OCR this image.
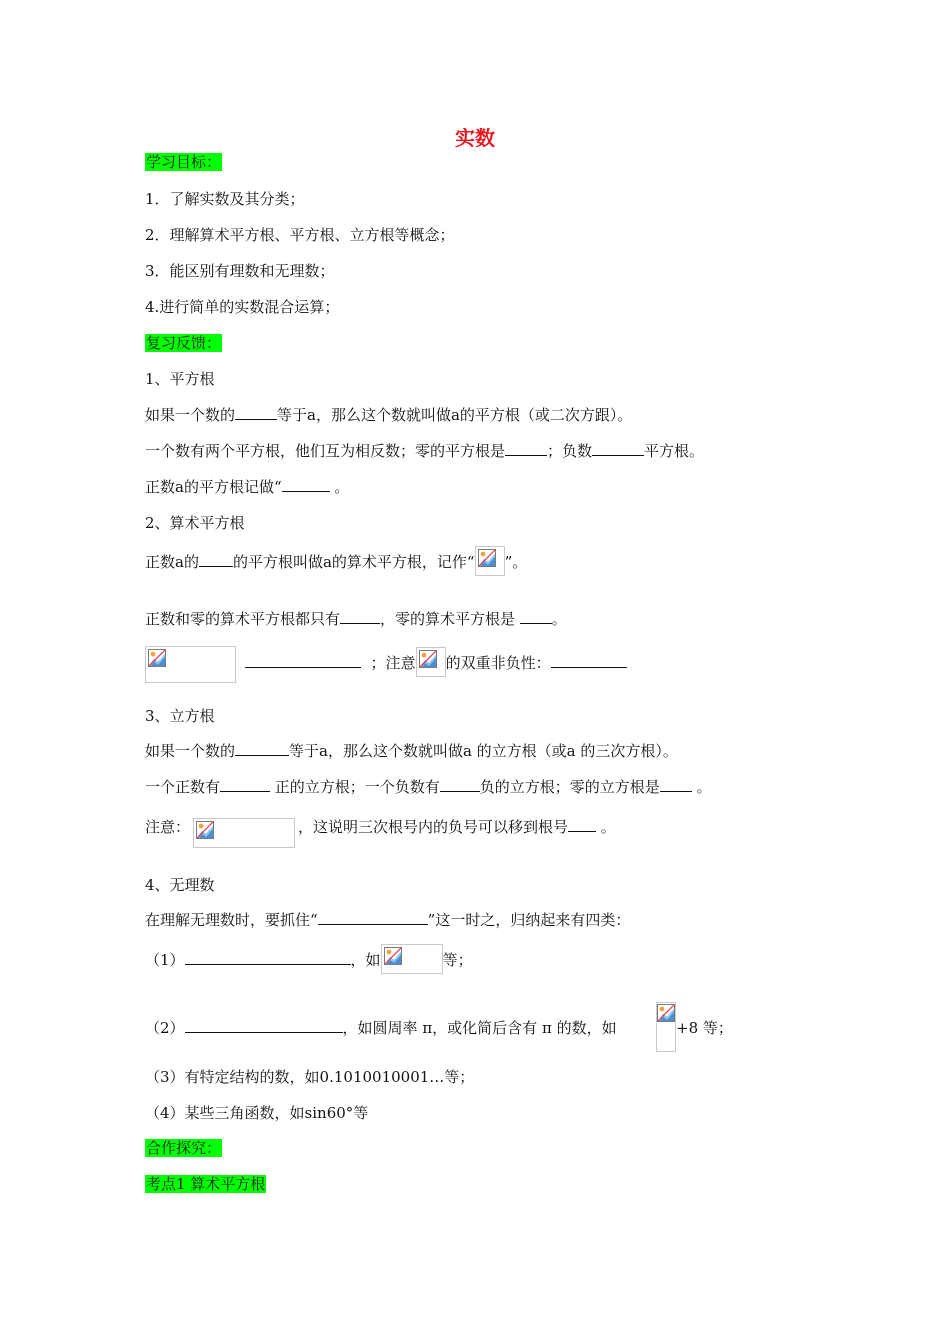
实数
学习目标：
1．了解实数及其分类；
2．理解算术平方根、平方根、立方根等概念；
3．能区别有理数和无理数；
4.进行简单的实数混合运算；
复习反馈：
1、平方根
如果一个数的	等于a，那么这个数就叫做a的平方根（或二次方跟）。
一个数有两个平方根，他们互为相反数；零的平方根是	；负数	平方根。
正数a的平方根记做“	。
2、算术平方根
正数a的 的平方根叫做a的算术平方根，记作“ ”。
正数和零的算术平方根都只有	，零的算术平方根是 。
；注意 的双重非负性：
3、立方根
如果一个数的	等于a，那么这个数就叫做a 的立方根（或a 的三次方根）。
一个正数有	正的立方根；一个负数有	负的立方根；零的立方根是 。
注意：	，这说明三次根号内的负号可以移到根号 。
4、无理数
在理解无理数时，要抓住“	”这一时之，归纳起来有四类：
（1）	，如	等；
（2）	，如圆周率 π，或化简后含有 π 的数，如	+8 等；
（3）有特定结构的数，如0.1010010001…等；
（4）某些三角函数，如sin60°等
合作探究：
考点1 算术平方根
